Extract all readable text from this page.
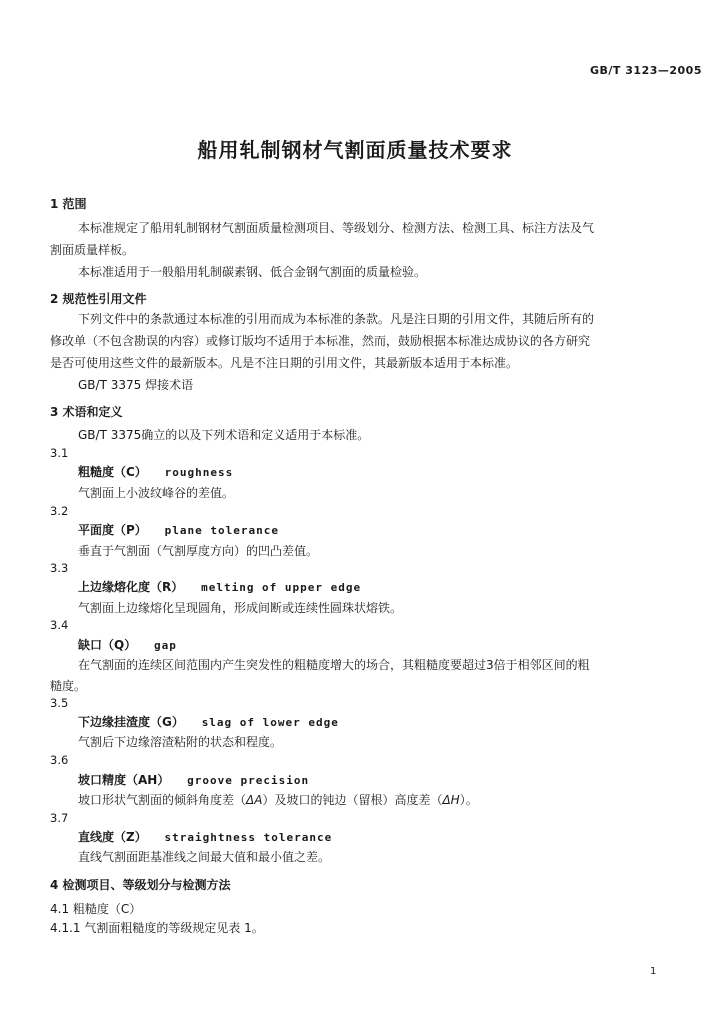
GB/T 3123—2005
船用轧制钢材气割面质量技术要求
1 范围
本标准规定了船用轧制钢材气割面质量检测项目、等级划分、检测方法、检测工具、标注方法及气
割面质量样板。
本标准适用于一般船用轧制碳素钢、低合金钢气割面的质量检验。
2 规范性引用文件
下列文件中的条款通过本标准的引用而成为本标准的条款。凡是注日期的引用文件，其随后所有的
修改单（不包含勘误的内容）或修订版均不适用于本标准，然而，鼓励根据本标准达成协议的各方研究
是否可使用这些文件的最新版本。凡是不注日期的引用文件，其最新版本适用于本标准。
GB/T 3375 焊接术语
3 术语和定义
GB/T 3375确立的以及下列术语和定义适用于本标准。
3.1
粗糙度（C） roughness
气割面上小波纹峰谷的差值。
3.2
平面度（P） plane tolerance
垂直于气割面（气割厚度方向）的凹凸差值。
3.3
上边缘熔化度（R） melting of upper edge
气割面上边缘熔化呈现圆角，形成间断或连续性圆珠状熔铁。
3.4
缺口（Q） gap
在气割面的连续区间范围内产生突发性的粗糙度增大的场合，其粗糙度要超过3倍于相邻区间的粗
糙度。
3.5
下边缘挂渣度（G） slag of lower edge
气割后下边缘溶渣粘附的状态和程度。
3.6
坡口精度（AH） groove precision
坡口形状气割面的倾斜角度差（ΔA）及坡口的钝边（留根）高度差（ΔH）。
3.7
直线度（Z） straightness tolerance
直线气割面距基准线之间最大值和最小值之差。
4 检测项目、等级划分与检测方法
4.1 粗糙度（C）
4.1.1 气割面粗糙度的等级规定见表 1。
1
